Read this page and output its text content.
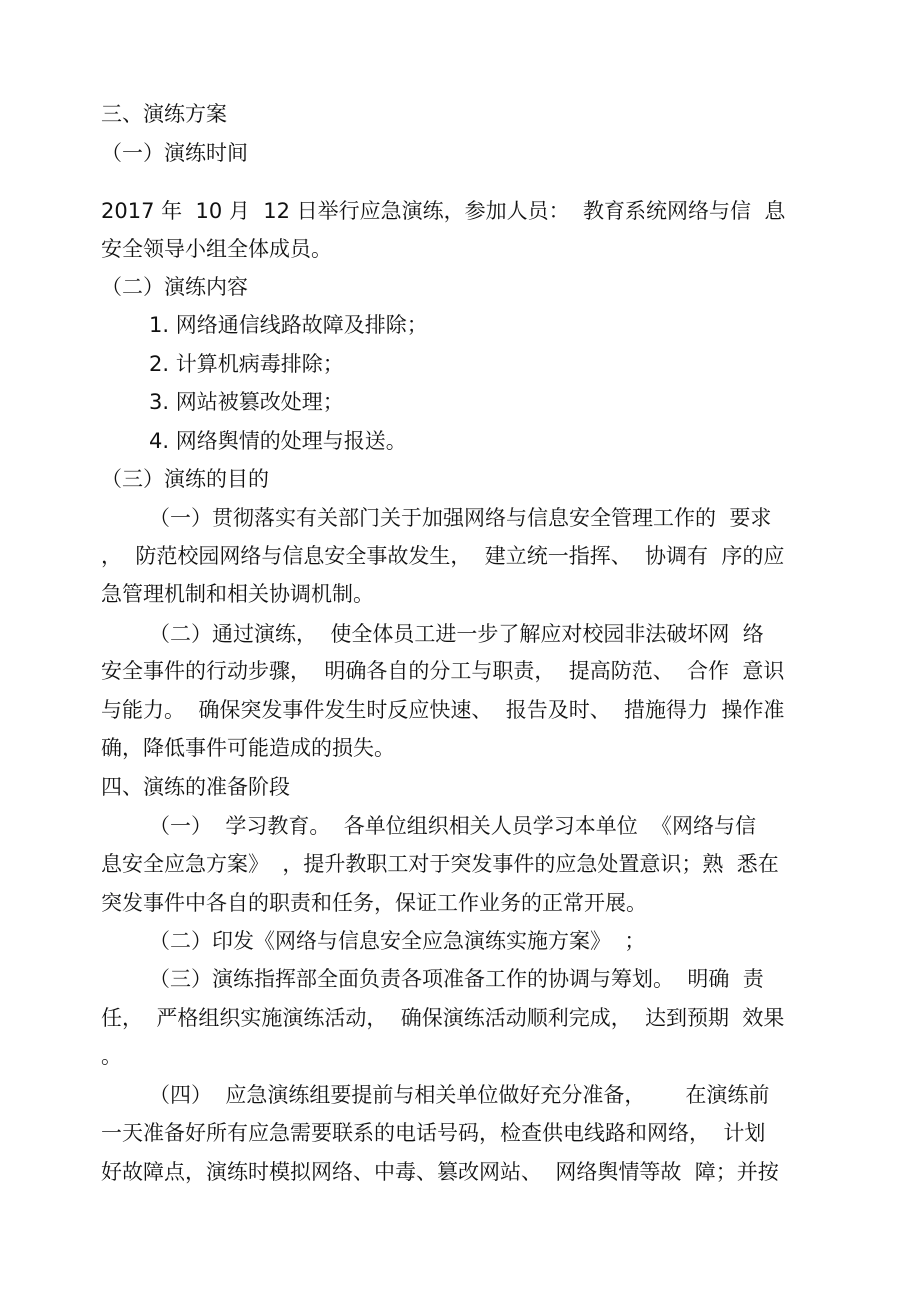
三、演练方案
（一）演练时间
2017 年  10 月  12 日举行应急演练，参加人员：  教育系统网络与信  息
安全领导小组全体成员。
（二）演练内容
1. 网络通信线路故障及排除；
2. 计算机病毒排除；
3. 网站被篡改处理；
4. 网络舆情的处理与报送。
（三）演练的目的
（一）贯彻落实有关部门关于加强网络与信息安全管理工作的  要求
，  防范校园网络与信息安全事故发生，  建立统一指挥、  协调有  序的应
急管理机制和相关协调机制。
（二）通过演练，  使全体员工进一步了解应对校园非法破坏网  络
安全事件的行动步骤，  明确各自的分工与职责，  提高防范、  合作  意识
与能力。  确保突发事件发生时反应快速、  报告及时、  措施得力  操作准
确，降低事件可能造成的损失。
四、演练的准备阶段
（一）  学习教育。  各单位组织相关人员学习本单位  《网络与信
息安全应急方案》  ，提升教职工对于突发事件的应急处置意识；熟  悉在
突发事件中各自的职责和任务，保证工作业务的正常开展。
（二）印发《网络与信息安全应急演练实施方案》  ；
（三）演练指挥部全面负责各项准备工作的协调与筹划。  明确  责
任，  严格组织实施演练活动，  确保演练活动顺利完成，  达到预期  效果
。
（四）  应急演练组要提前与相关单位做好充分准备，      在演练前
一天准备好所有应急需要联系的电话号码，检查供电线路和网络，  计划
好故障点，演练时模拟网络、中毒、篡改网站、  网络舆情等故  障；并按
